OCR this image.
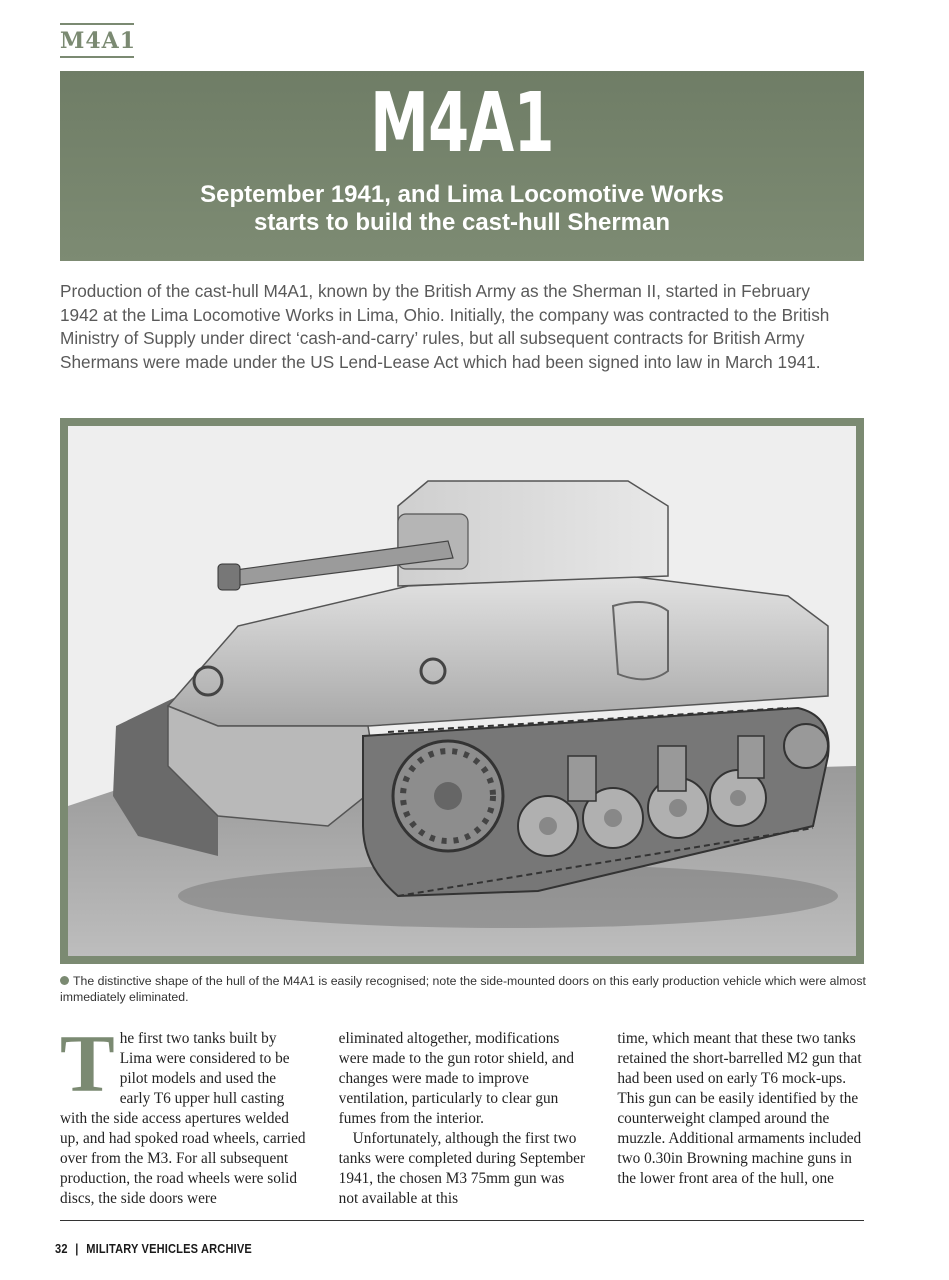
M4A1
M4A1
September 1941, and Lima Locomotive Works
starts to build the cast-hull Sherman
Production of the cast-hull M4A1, known by the British Army as the Sherman II, started in February 1942 at the Lima Locomotive Works in Lima, Ohio. Initially, the company was contracted to the British Ministry of Supply under direct ‘cash-and-carry’ rules, but all subsequent contracts for British Army Shermans were made under the US Lend-Lease Act which had been signed into law in March 1941.
The distinctive shape of the hull of the M4A1 is easily recognised; note the side-mounted doors on this early production vehicle which were almost immediately eliminated.
T he first two tanks built by Lima were considered to be pilot models and used the early T6 upper hull casting with the side access apertures welded up, and had spoked road wheels, carried over from the M3. For all subsequent production, the road wheels were solid discs, the side doors were

eliminated altogether, modifications were made to the gun rotor shield, and changes were made to improve ventilation, particularly to clear gun fumes from the interior.

Unfortunately, although the first two tanks were completed during September 1941, the chosen M3 75mm gun was not available at this

time, which meant that these two tanks retained the short-barrelled M2 gun that had been used on early T6 mock-ups. This gun can be easily identified by the counterweight clamped around the muzzle. Additional armaments included two 0.30in Browning machine guns in the lower front area of the hull, one

32 | MILITARY VEHICLES ARCHIVE
